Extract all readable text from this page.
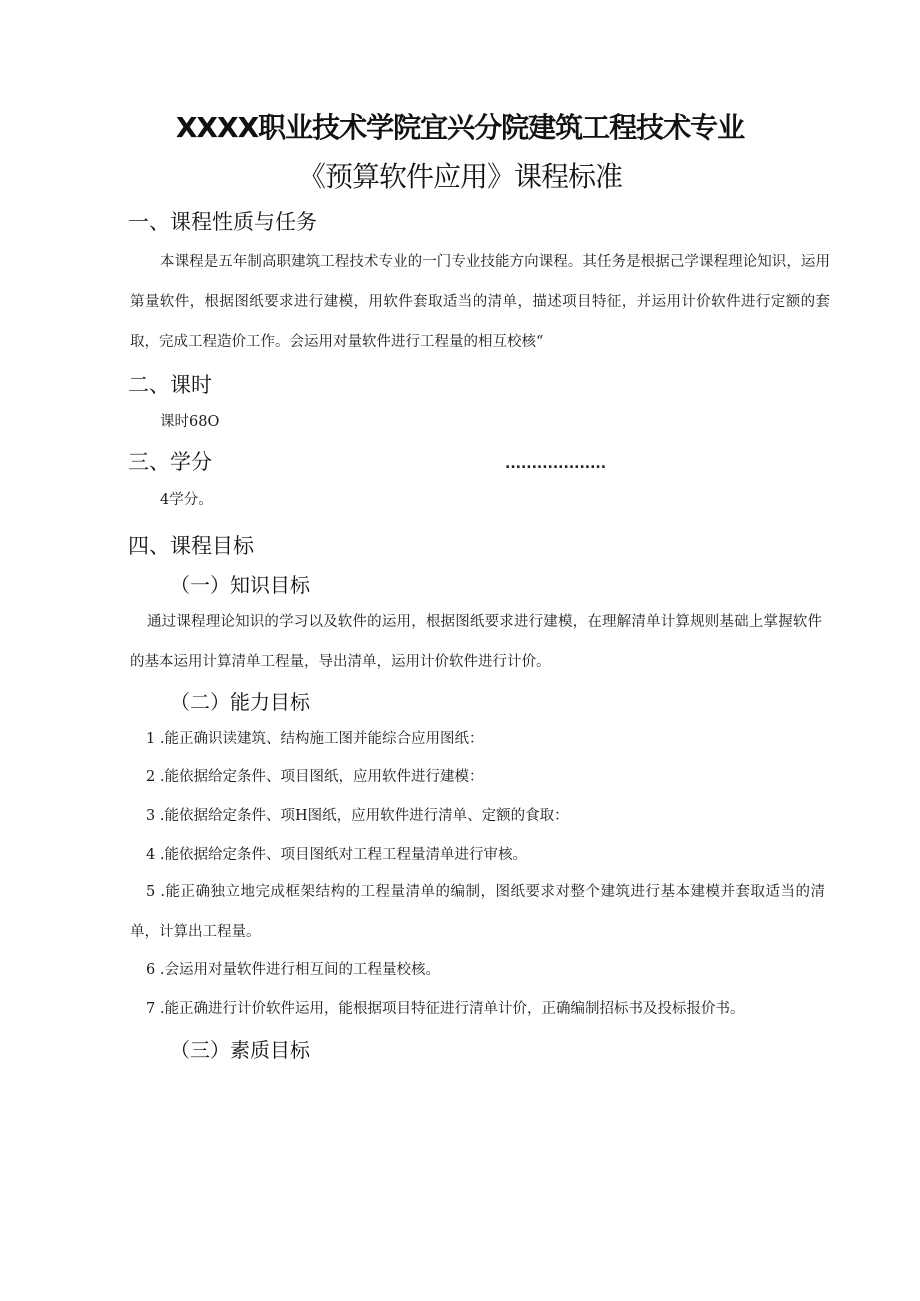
XXXX职业技术学院宜兴分院建筑工程技术专业
《预算软件应用》课程标准
一、课程性质与任务
本课程是五年制高职建筑工程技术专业的一门专业技能方向课程。其任务是根据己学课程理论知识，运用第量软件，根据图纸要求进行建模，用软件套取适当的清单，描述项目特征，并运用计价软件进行定额的套取，完成工程造价工作。会运用对量软件进行工程量的相互校核“
二、课时
课时68O
三、学分	...................
4学分。
四、课程目标
（一）知识目标
通过课程理论知识的学习以及软件的运用，根据图纸要求进行建模，在理解清单计算规则基础上掌握软件的基本运用计算清单工程量，导出清单，运用计价软件进行计价。
（二）能力目标
1 .能正确识读建筑、结构施工图并能综合应用图纸：
2 .能依据给定条件、项目图纸，应用软件进行建模：
3 .能依据给定条件、项H图纸，应用软件进行清单、定额的食取：
4 .能依据给定条件、项目图纸对工程工程量清单进行审核。
5 .能正确独立地完成框架结构的工程量清单的编制，图纸要求对整个建筑进行基本建模并套取适当的清单，计算出工程量。
6 .会运用对量软件进行相互间的工程量校核。
7 .能正确进行计价软件运用，能根据项目特征进行清单计价，正确编制招标书及投标报价书。
（三）素质目标
